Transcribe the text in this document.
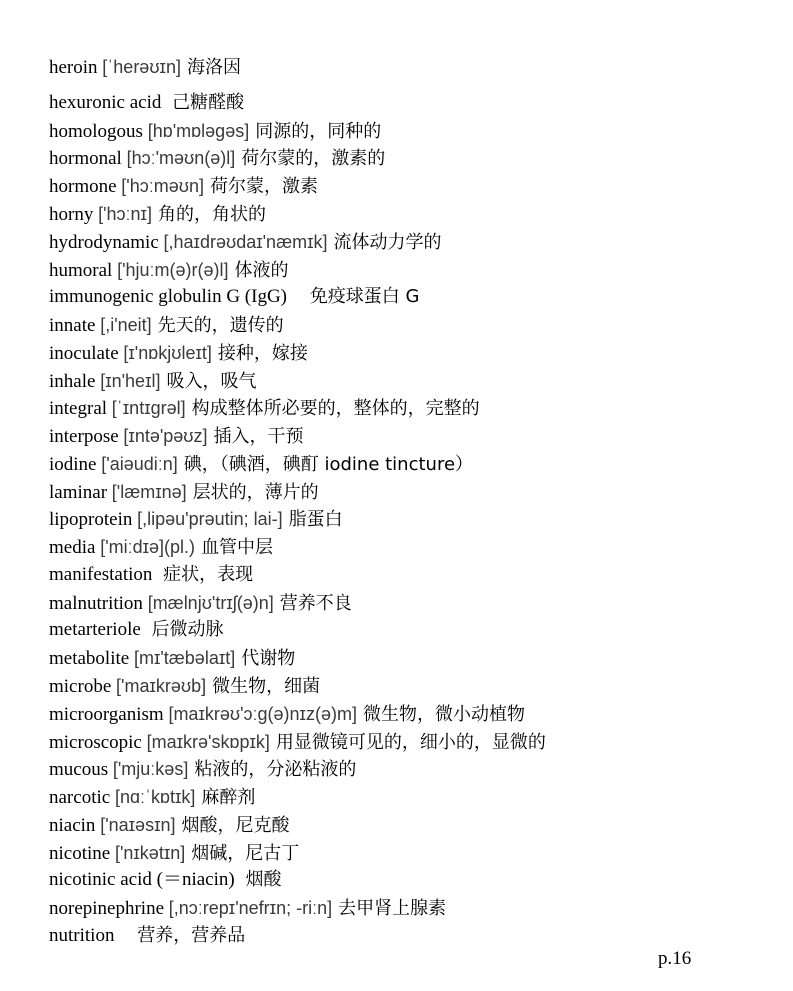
heroin [ˈherəʊɪn] 海洛因
hexuronic acid 己糖醛酸
homologous [hɒ'mɒləgəs] 同源的，同种的
hormonal [hɔː'məʊn(ə)l] 荷尔蒙的，激素的
hormone ['hɔːməʊn] 荷尔蒙，激素
horny ['hɔːnɪ] 角的，角状的
hydrodynamic [,haɪdrəʊdaɪ'næmɪk] 流体动力学的
humoral ['hjuːm(ə)r(ə)l] 体液的
immunogenic globulin G (IgG) 免疫球蛋白 G
innate [,i'neit] 先天的，遗传的
inoculate [ɪ'nɒkjʊleɪt] 接种，嫁接
inhale [ɪn'heɪl] 吸入，吸气
integral [ˈɪntɪgrəl] 构成整体所必要的，整体的，完整的
interpose [ɪntə'pəʊz] 插入，干预
iodine ['aiəudiːn] 碘，（碘酒，碘酊 iodine tincture）
laminar ['læmɪnə] 层状的，薄片的
lipoprotein [,lipəu'prəutin; lai-] 脂蛋白
media ['miːdɪə](pl.) 血管中层
manifestation 症状，表现
malnutrition [mælnjʊ'trɪʃ(ə)n] 营养不良
metarteriole 后微动脉
metabolite [mɪ'tæbəlaɪt] 代谢物
microbe ['maɪkrəʊb] 微生物，细菌
microorganism [maɪkrəʊ'ɔːg(ə)nɪz(ə)m] 微生物，微小动植物
microscopic [maɪkrə'skɒpɪk] 用显微镜可见的，细小的，显微的
mucous ['mjuːkəs] 粘液的，分泌粘液的
narcotic [nɑːˈkɒtɪk] 麻醉剂
niacin ['naɪəsɪn] 烟酸，尼克酸
nicotine ['nɪkətɪn] 烟碱，尼古丁
nicotinic acid (＝niacin) 烟酸
norepinephrine [,nɔːrepɪ'nefrɪn; -riːn] 去甲肾上腺素
nutrition 营养，营养品
p.16
